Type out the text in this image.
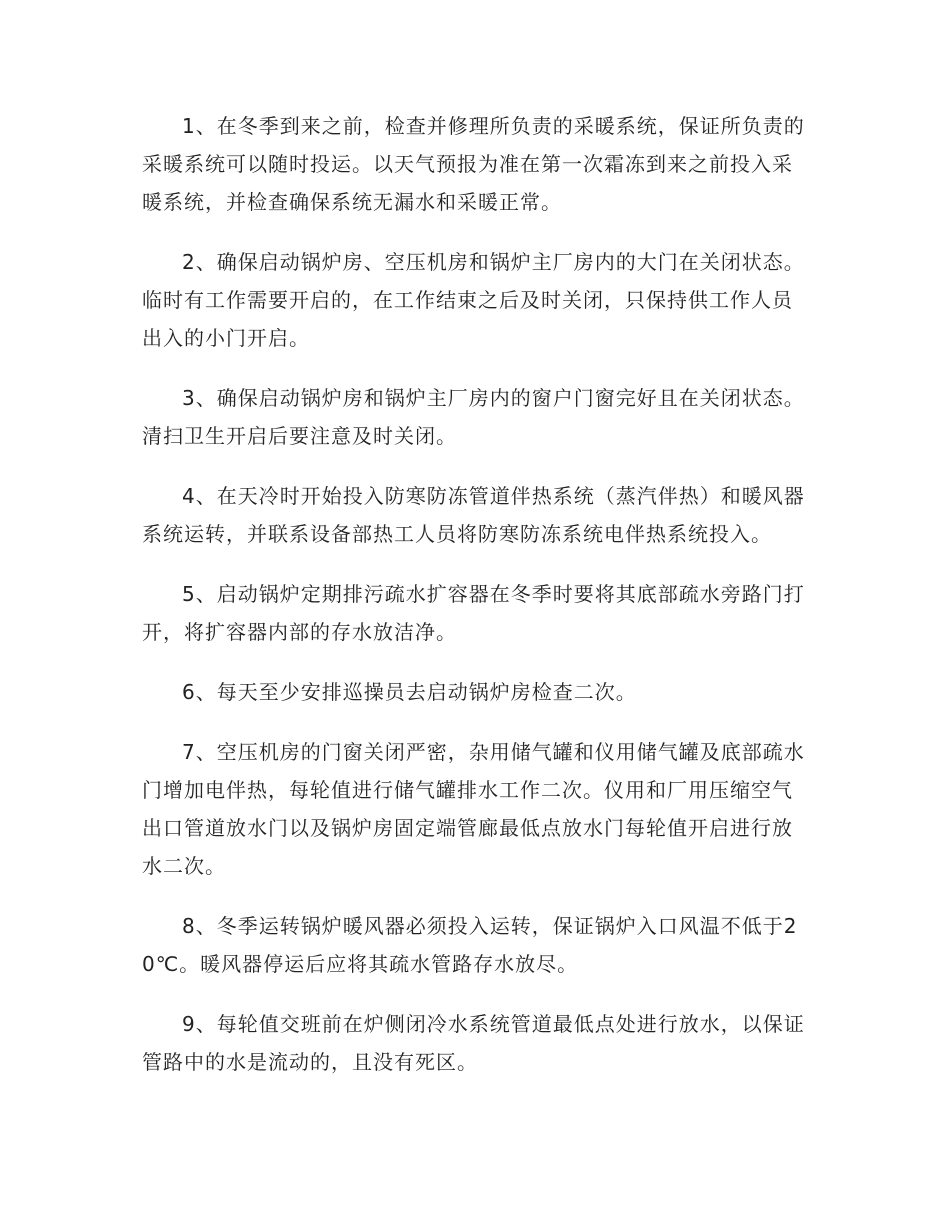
1、在冬季到来之前，检查并修理所负责的采暖系统，保证所负责的采暖系统可以随时投运。以天气预报为准在第一次霜冻到来之前投入采暖系统，并检查确保系统无漏水和采暖正常。

2、确保启动锅炉房、空压机房和锅炉主厂房内的大门在关闭状态。临时有工作需要开启的，在工作结束之后及时关闭，只保持供工作人员出入的小门开启。

3、确保启动锅炉房和锅炉主厂房内的窗户门窗完好且在关闭状态。清扫卫生开启后要注意及时关闭。

4、在天冷时开始投入防寒防冻管道伴热系统（蒸汽伴热）和暖风器系统运转，并联系设备部热工人员将防寒防冻系统电伴热系统投入。

5、启动锅炉定期排污疏水扩容器在冬季时要将其底部疏水旁路门打开，将扩容器内部的存水放洁净。

6、每天至少安排巡操员去启动锅炉房检查二次。

7、空压机房的门窗关闭严密，杂用储气罐和仪用储气罐及底部疏水门增加电伴热，每轮值进行储气罐排水工作二次。仪用和厂用压缩空气出口管道放水门以及锅炉房固定端管廊最低点放水门每轮值开启进行放水二次。

8、冬季运转锅炉暖风器必须投入运转，保证锅炉入口风温不低于20℃。暖风器停运后应将其疏水管路存水放尽。

9、每轮值交班前在炉侧闭冷水系统管道最低点处进行放水，以保证管路中的水是流动的，且没有死区。
